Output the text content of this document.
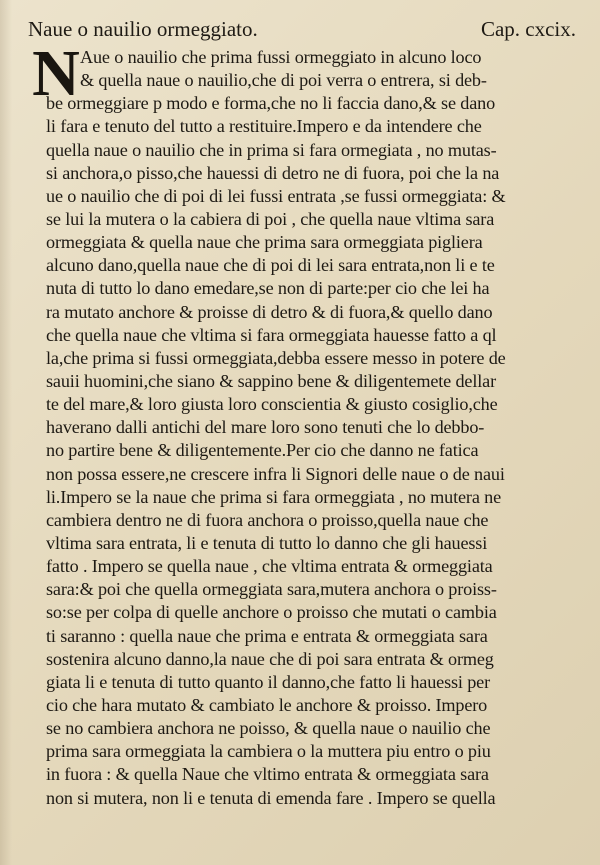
Naue o nauilio ormeggiato.	Cap. cxcix.
N Aue o nauilio che prima fussi ormeggiato in alcuno loco
& quella naue o nauilio,che di poi verra o entrera, si deb-
be ormeggiare p modo e forma,che no li faccia dano,& se dano
li fara e tenuto del tutto a restituire.Impero e da intendere che
quella naue o nauilio che in prima si fara ormegiata , no mutas-
si anchora,o pisso,che hauessi di detro ne di fuora, poi che la na
ue o nauilio che di poi di lei fussi entrata ,se fussi ormeggiata: &
se lui la mutera o la cabiera di poi , che quella naue vltima sara
ormeggiata & quella naue che prima sara ormeggiata pigliera
alcuno dano,quella naue che di poi di lei sara entrata,non li e te
nuta di tutto lo dano emedare,se non di parte:per cio che lei ha
ra mutato anchore & proisse di detro & di fuora,& quello dano
che quella naue che vltima si fara ormeggiata hauesse fatto a ql
la,che prima si fussi ormeggiata,debba essere messo in potere de
sauii huomini,che siano & sappino bene & diligentemete dellar
te del mare,& loro giusta loro conscientia & giusto cosiglio,che
haverano dalli antichi del mare loro sono tenuti che lo debbo-
no partire bene & diligentemente.Per cio che danno ne fatica
non possa essere,ne crescere infra li Signori delle naue o de naui
li.Impero se la naue che prima si fara ormeggiata , no mutera ne
cambiera dentro ne di fuora anchora o proisso,quella naue che
vltima sara entrata, li e tenuta di tutto lo danno che gli hauessi
fatto . Impero se quella naue , che vltima entrata & ormeggiata
sara:& poi che quella ormeggiata sara,mutera anchora o proiss-
so:se per colpa di quelle anchore o proisso che mutati o cambia
ti saranno : quella naue che prima e entrata & ormeggiata sara
sostenira alcuno danno,la naue che di poi sara entrata & ormeg
giata li e tenuta di tutto quanto il danno,che fatto li hauessi per
cio che hara mutato & cambiato le anchore & proisso. Impero
se no cambiera anchora ne poisso, & quella naue o nauilio che
prima sara ormeggiata la cambiera o la muttera piu entro o piu
in fuora : & quella Naue che vltimo entrata & ormeggiata sara
non si mutera, non li e tenuta di emenda fare . Impero se quella
